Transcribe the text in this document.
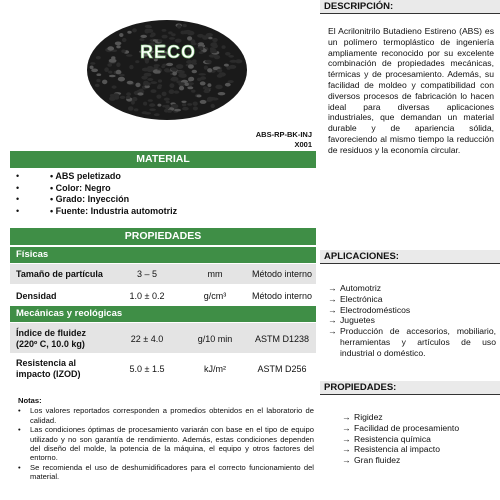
RECO
ABS-RP-BK-INJ
X001
MATERIAL
•	• ABS peletizado
•	• Color: Negro
•	• Grado: Inyección
•	• Fuente: Industria automotriz
PROPIEDADES
Físicas
Tamaño de partícula	3 – 5	mm	Método interno
Densidad	1.0 ± 0.2	g/cm³	Método interno
Mecánicas y reológicas
Índice de fluidez
(220º C, 10.0 kg)	22 ± 4.0	g/10 min	ASTM D1238
Resistencia al
impacto (IZOD)	5.0 ± 1.5	kJ/m²	ASTM D256
Notas:
•	Los valores reportados corresponden a promedios obtenidos en el laboratorio de calidad.
•	Las condiciones óptimas de procesamiento variarán con base en el tipo de equipo utilizado y no son garantía de rendimiento. Además, estas condiciones dependen del diseño del molde, la potencia de la máquina, el equipo y otros factores del entorno.
•	Se recomienda el uso de deshumidificadores para el correcto funcionamiento del material.
DESCRIPCIÓN:
El Acrilonitrilo Butadieno Estireno (ABS) es un polímero termoplástico de ingeniería ampliamente reconocido por su excelente combinación de propiedades mecánicas, térmicas y de procesamiento. Además, su facilidad de moldeo y compatibilidad con diversos procesos de fabricación lo hacen ideal para diversas aplicaciones industriales, que demandan un material durable y de apariencia sólida, favoreciendo al mismo tiempo la reducción de residuos y la economía circular.
APLICACIONES:
→ Automotriz
→ Electrónica
→ Electrodomésticos
→ Juguetes
→ Producción de accesorios, mobiliario, herramientas y artículos de uso industrial o doméstico.
PROPIEDADES:
→ Rigidez
→ Facilidad de procesamiento
→ Resistencia química
→ Resistencia al impacto
→ Gran fluidez
